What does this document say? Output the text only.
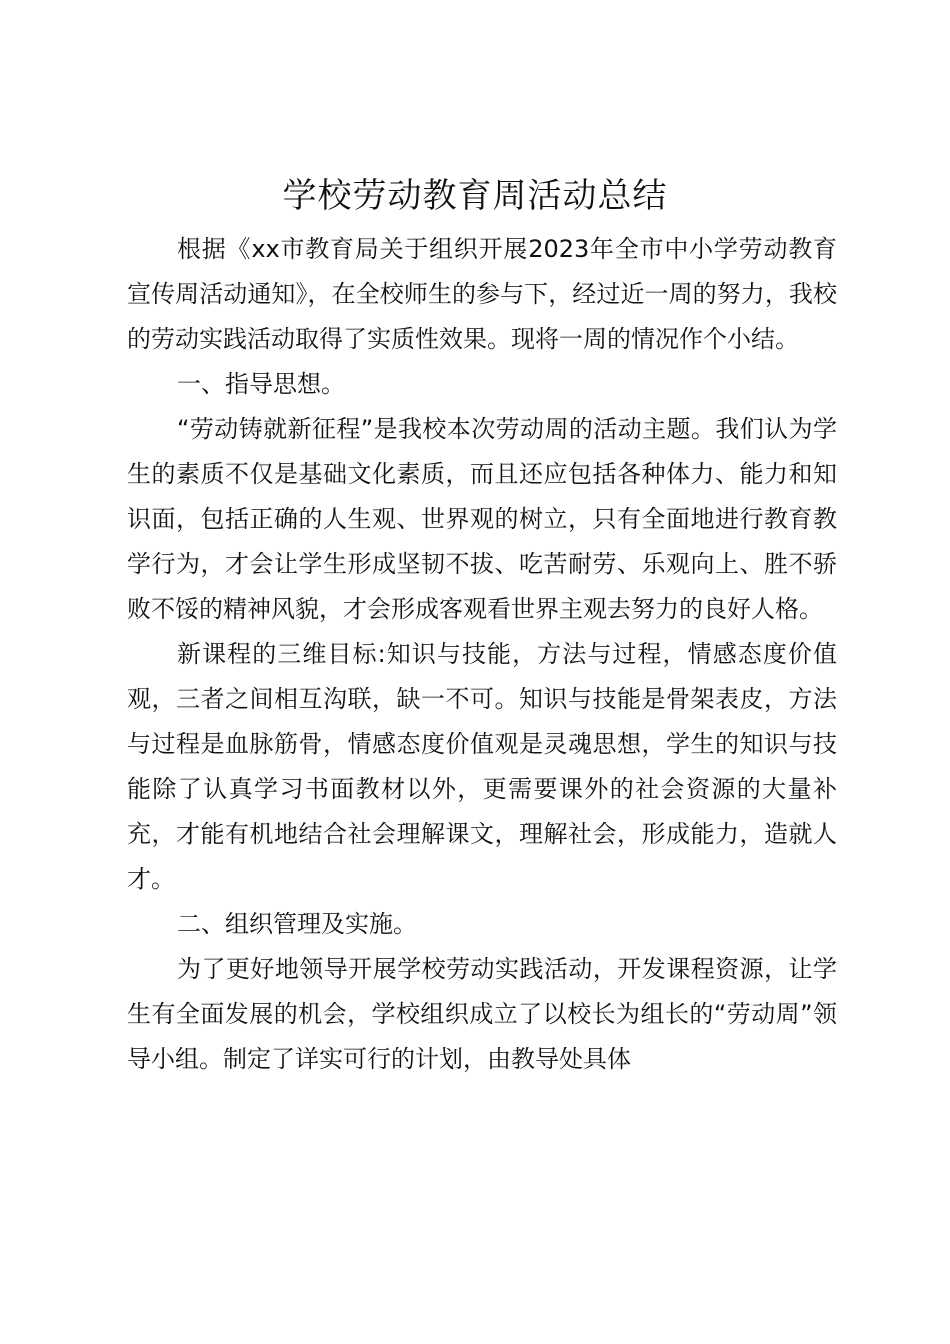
学校劳动教育周活动总结

根据《xx市教育局关于组织开展2023年全市中小学劳动教育宣传周活动通知》，在全校师生的参与下，经过近一周的努力，我校的劳动实践活动取得了实质性效果。现将一周的情况作个小结。

一、指导思想。

“劳动铸就新征程”是我校本次劳动周的活动主题。我们认为学生的素质不仅是基础文化素质，而且还应包括各种体力、能力和知识面，包括正确的人生观、世界观的树立，只有全面地进行教育教学行为，才会让学生形成坚韧不拔、吃苦耐劳、乐观向上、胜不骄败不馁的精神风貌，才会形成客观看世界主观去努力的良好人格。

新课程的三维目标:知识与技能，方法与过程，情感态度价值观，三者之间相互沟联，缺一不可。知识与技能是骨架表皮，方法与过程是血脉筋骨，情感态度价值观是灵魂思想，学生的知识与技能除了认真学习书面教材以外，更需要课外的社会资源的大量补充，才能有机地结合社会理解课文，理解社会，形成能力，造就人才。

二、组织管理及实施。

为了更好地领导开展学校劳动实践活动，开发课程资源，让学生有全面发展的机会，学校组织成立了以校长为组长的“劳动周”领导小组。制定了详实可行的计划，由教导处具体
